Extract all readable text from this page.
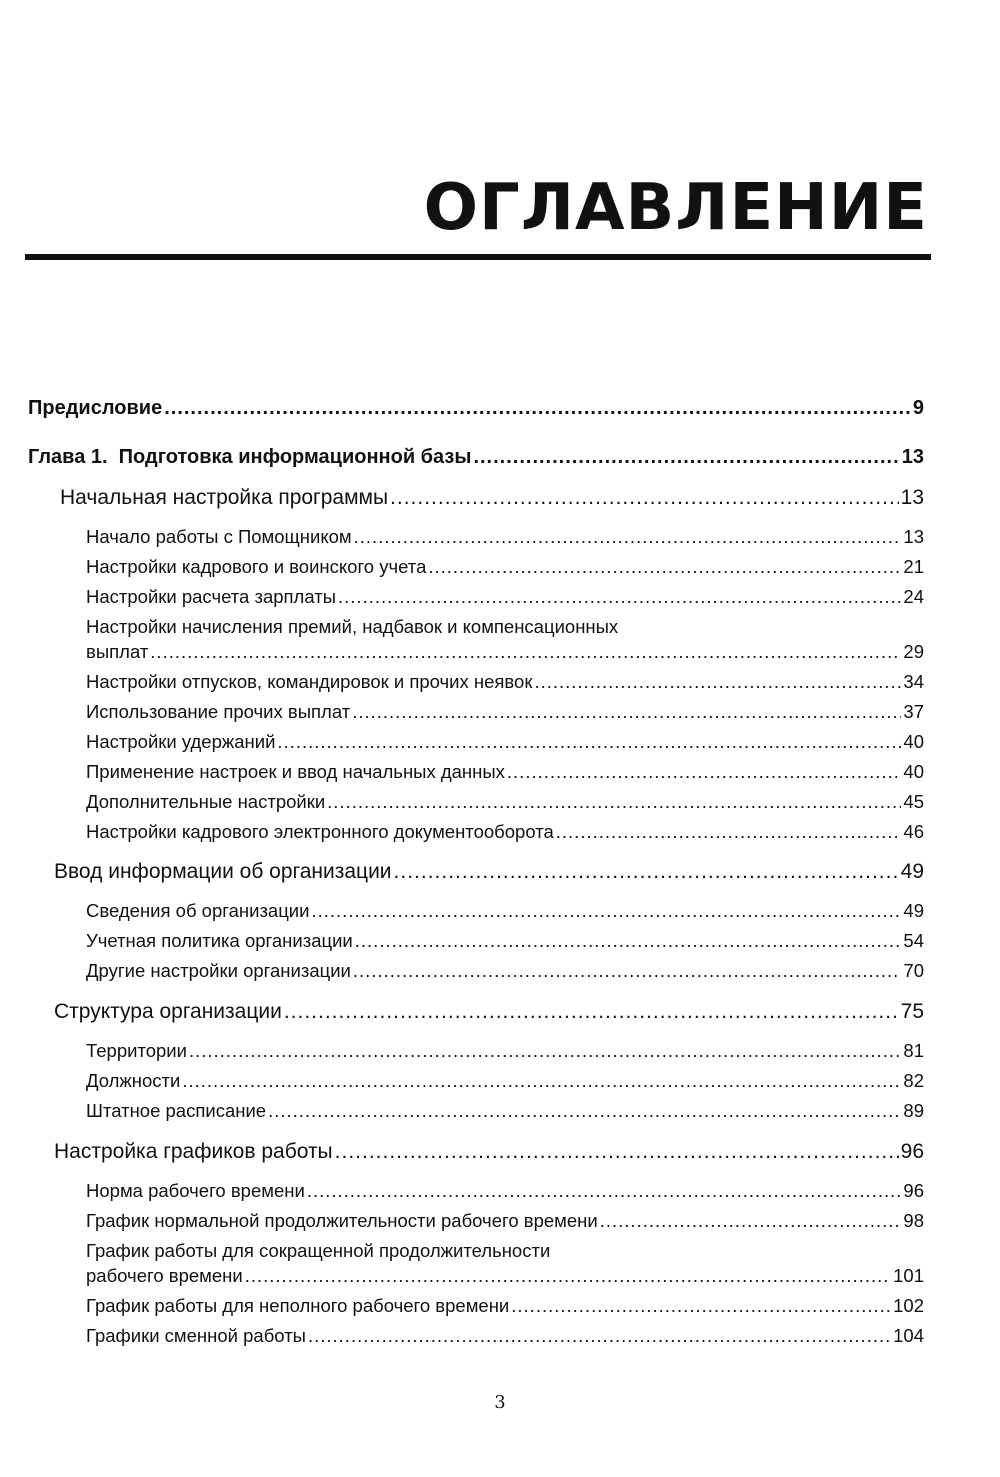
ОГЛАВЛЕНИЕ
Предисловие .....	9
Глава 1.  Подготовка информационной базы .....	13
Начальная настройка программы .....	13
Начало работы с Помощником .....	13
Настройки кадрового и воинского учета .....	21
Настройки расчета зарплаты .....	24
Настройки начисления премий, надбавок и компенсационных
выплат .....	29
Настройки отпусков, командировок и прочих неявок .....	34
Использование прочих выплат .....	37
Настройки удержаний .....	40
Применение настроек и ввод начальных данных .....	40
Дополнительные настройки .....	45
Настройки кадрового электронного документооборота .....	46
Ввод информации об организации .....	49
Сведения об организации .....	49
Учетная политика организации .....	54
Другие настройки организации .....	70
Структура организации .....	75
Территории .....	81
Должности .....	82
Штатное расписание .....	89
Настройка графиков работы .....	96
Норма рабочего времени .....	96
График нормальной продолжительности рабочего времени .....	98
График работы для сокращенной продолжительности
рабочего времени .....	101
График работы для неполного рабочего времени .....	102
Графики сменной работы .....	104
3
